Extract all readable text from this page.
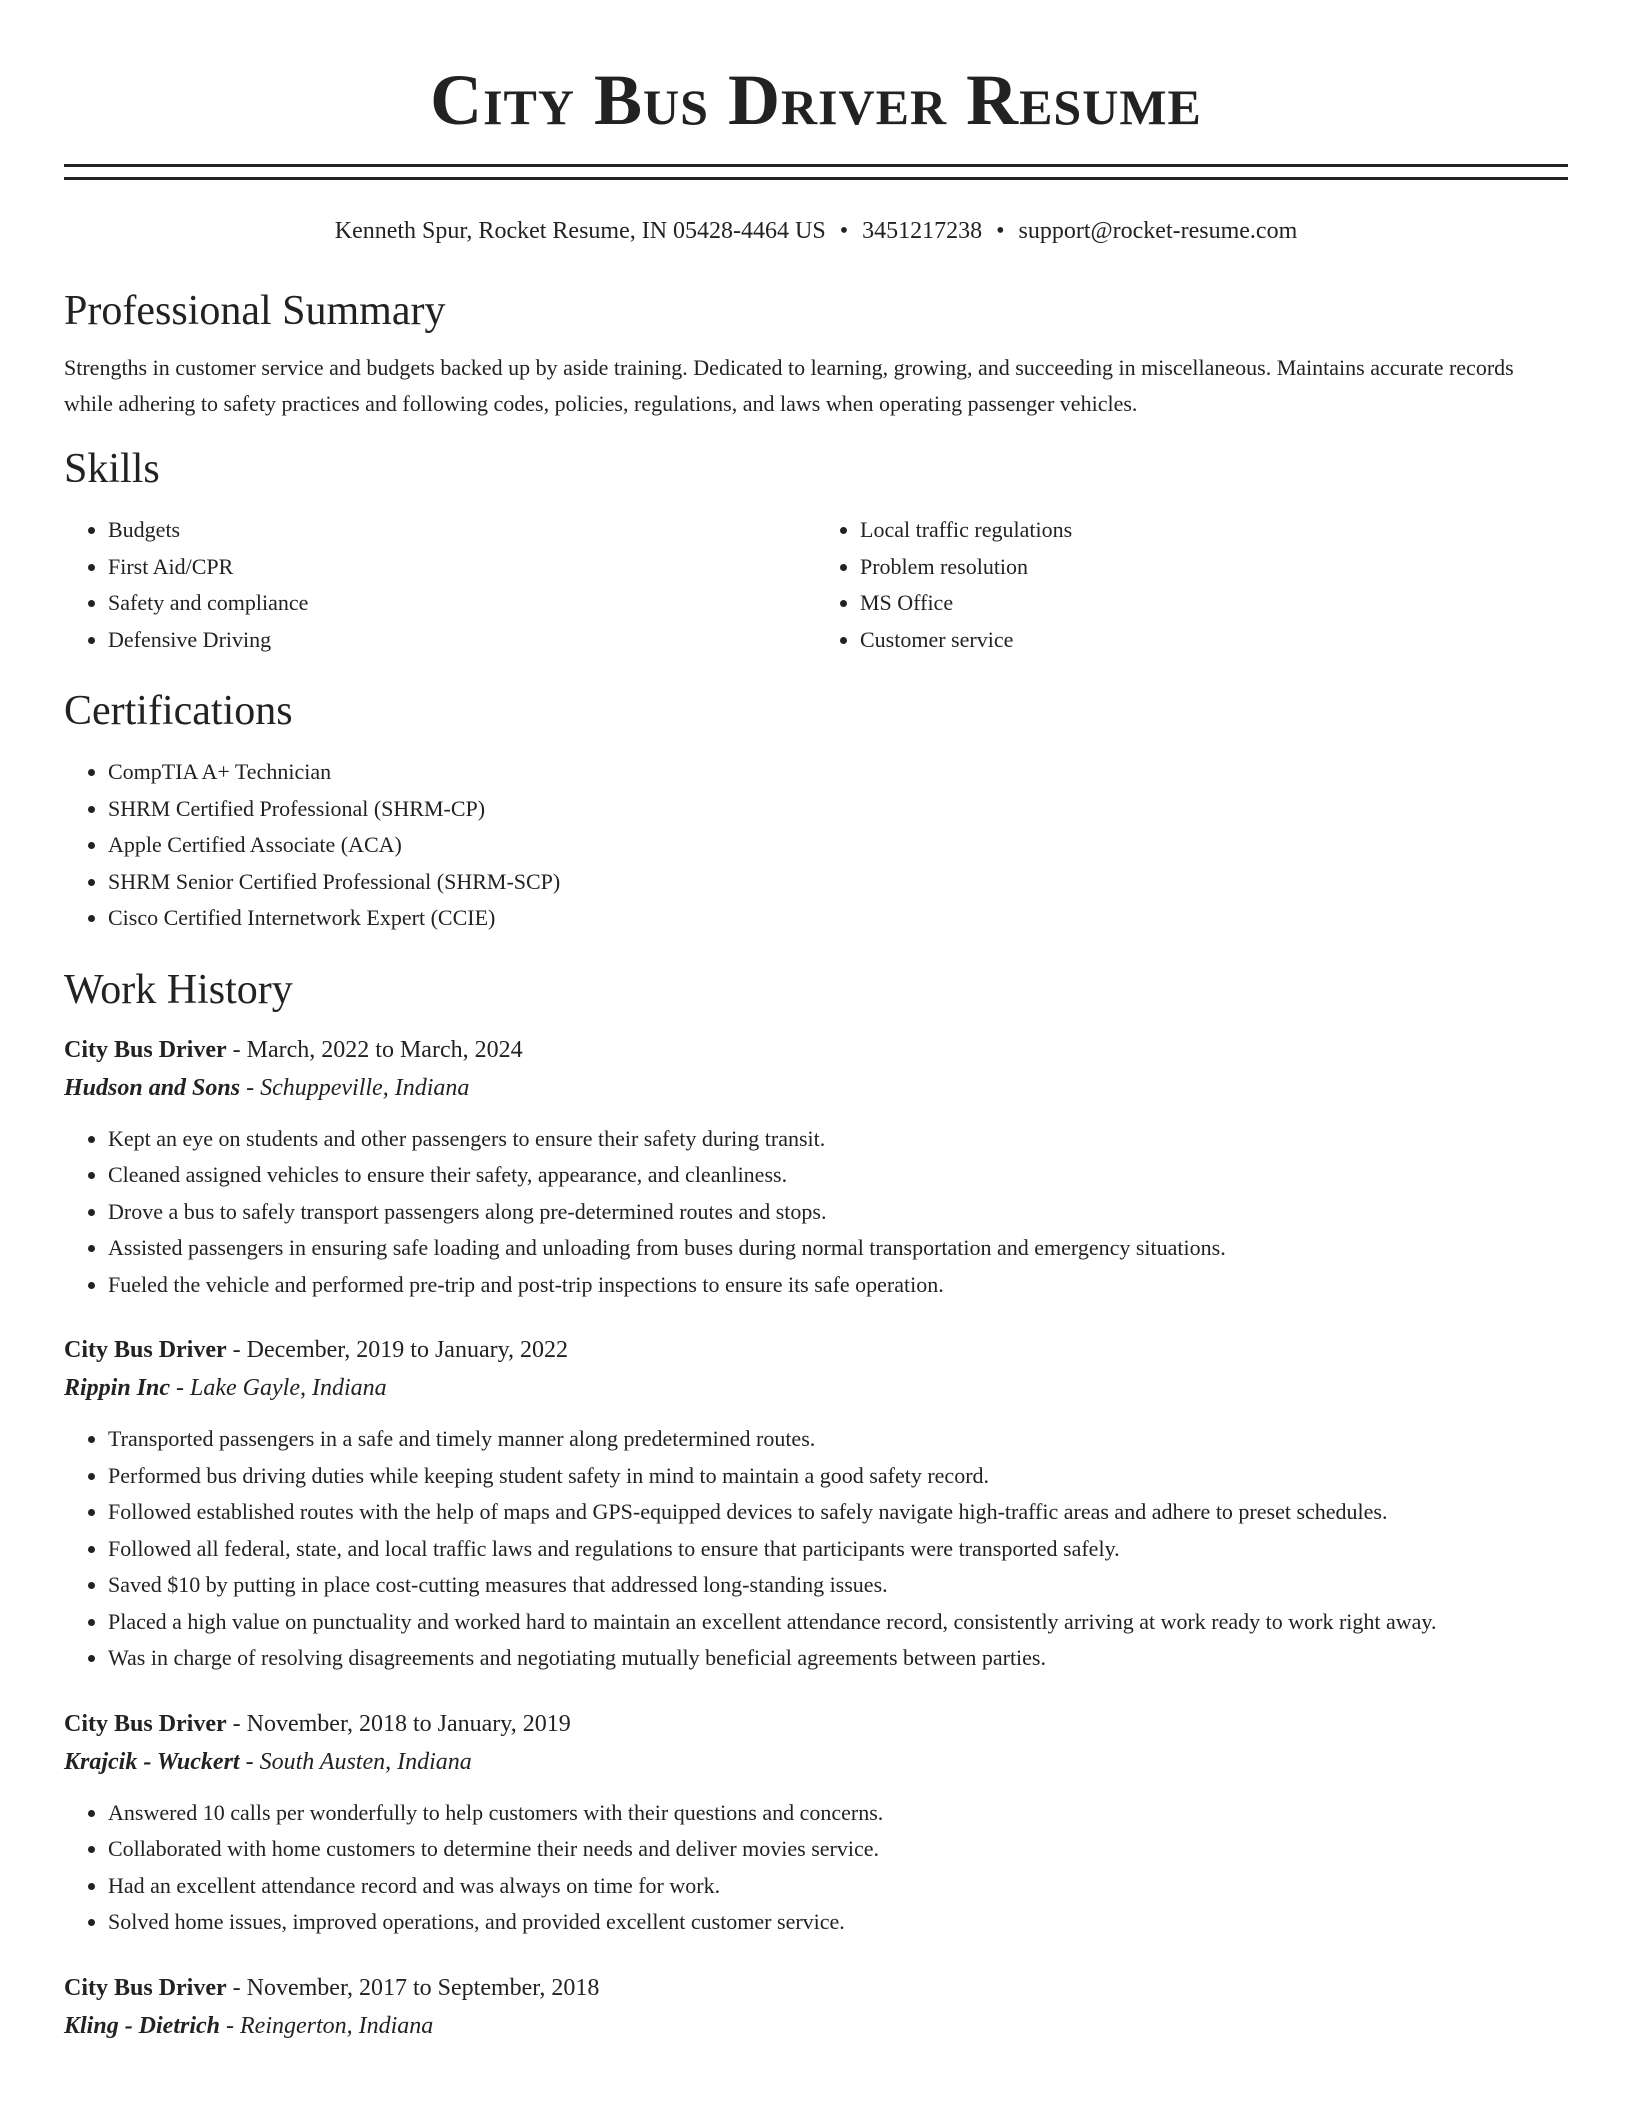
City Bus Driver Resume
Kenneth Spur, Rocket Resume, IN 05428-4464 US • 3451217238 • support@rocket-resume.com
Professional Summary
Strengths in customer service and budgets backed up by aside training. Dedicated to learning, growing, and succeeding in miscellaneous. Maintains accurate records while adhering to safety practices and following codes, policies, regulations, and laws when operating passenger vehicles.
Skills
• Budgets
• First Aid/CPR
• Safety and compliance
• Defensive Driving
• Local traffic regulations
• Problem resolution
• MS Office
• Customer service
Certifications
• CompTIA A+ Technician
• SHRM Certified Professional (SHRM-CP)
• Apple Certified Associate (ACA)
• SHRM Senior Certified Professional (SHRM-SCP)
• Cisco Certified Internetwork Expert (CCIE)
Work History
City Bus Driver - March, 2022 to March, 2024
Hudson and Sons - Schuppeville, Indiana
• Kept an eye on students and other passengers to ensure their safety during transit.
• Cleaned assigned vehicles to ensure their safety, appearance, and cleanliness.
• Drove a bus to safely transport passengers along pre-determined routes and stops.
• Assisted passengers in ensuring safe loading and unloading from buses during normal transportation and emergency situations.
• Fueled the vehicle and performed pre-trip and post-trip inspections to ensure its safe operation.
City Bus Driver - December, 2019 to January, 2022
Rippin Inc - Lake Gayle, Indiana
• Transported passengers in a safe and timely manner along predetermined routes.
• Performed bus driving duties while keeping student safety in mind to maintain a good safety record.
• Followed established routes with the help of maps and GPS-equipped devices to safely navigate high-traffic areas and adhere to preset schedules.
• Followed all federal, state, and local traffic laws and regulations to ensure that participants were transported safely.
• Saved $10 by putting in place cost-cutting measures that addressed long-standing issues.
• Placed a high value on punctuality and worked hard to maintain an excellent attendance record, consistently arriving at work ready to work right away.
• Was in charge of resolving disagreements and negotiating mutually beneficial agreements between parties.
City Bus Driver - November, 2018 to January, 2019
Krajcik - Wuckert - South Austen, Indiana
• Answered 10 calls per wonderfully to help customers with their questions and concerns.
• Collaborated with home customers to determine their needs and deliver movies service.
• Had an excellent attendance record and was always on time for work.
• Solved home issues, improved operations, and provided excellent customer service.
City Bus Driver - November, 2017 to September, 2018
Kling - Dietrich - Reingerton, Indiana
